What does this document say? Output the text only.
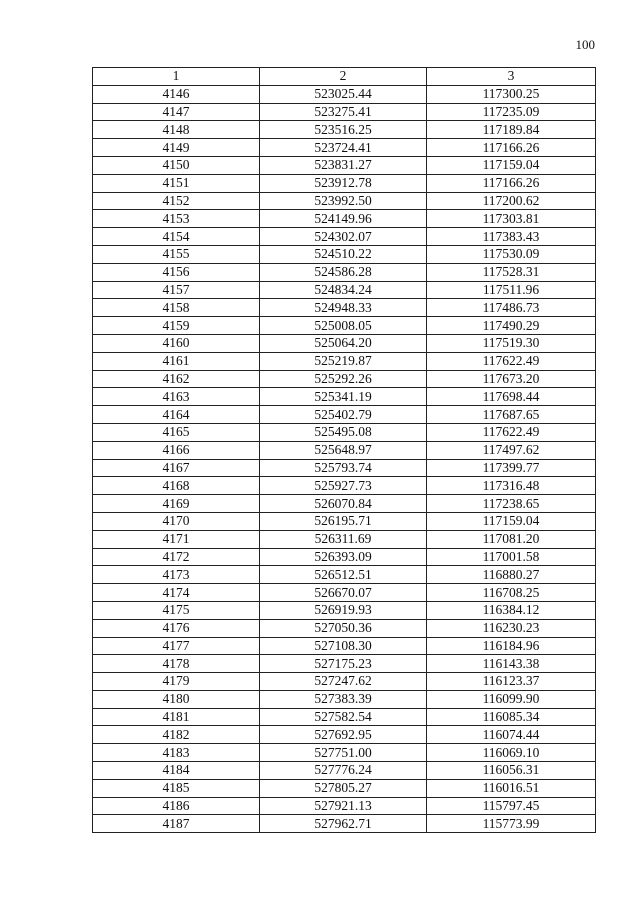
100
1	2	3
4146	523025.44	117300.25
4147	523275.41	117235.09
4148	523516.25	117189.84
4149	523724.41	117166.26
4150	523831.27	117159.04
4151	523912.78	117166.26
4152	523992.50	117200.62
4153	524149.96	117303.81
4154	524302.07	117383.43
4155	524510.22	117530.09
4156	524586.28	117528.31
4157	524834.24	117511.96
4158	524948.33	117486.73
4159	525008.05	117490.29
4160	525064.20	117519.30
4161	525219.87	117622.49
4162	525292.26	117673.20
4163	525341.19	117698.44
4164	525402.79	117687.65
4165	525495.08	117622.49
4166	525648.97	117497.62
4167	525793.74	117399.77
4168	525927.73	117316.48
4169	526070.84	117238.65
4170	526195.71	117159.04
4171	526311.69	117081.20
4172	526393.09	117001.58
4173	526512.51	116880.27
4174	526670.07	116708.25
4175	526919.93	116384.12
4176	527050.36	116230.23
4177	527108.30	116184.96
4178	527175.23	116143.38
4179	527247.62	116123.37
4180	527383.39	116099.90
4181	527582.54	116085.34
4182	527692.95	116074.44
4183	527751.00	116069.10
4184	527776.24	116056.31
4185	527805.27	116016.51
4186	527921.13	115797.45
4187	527962.71	115773.99
